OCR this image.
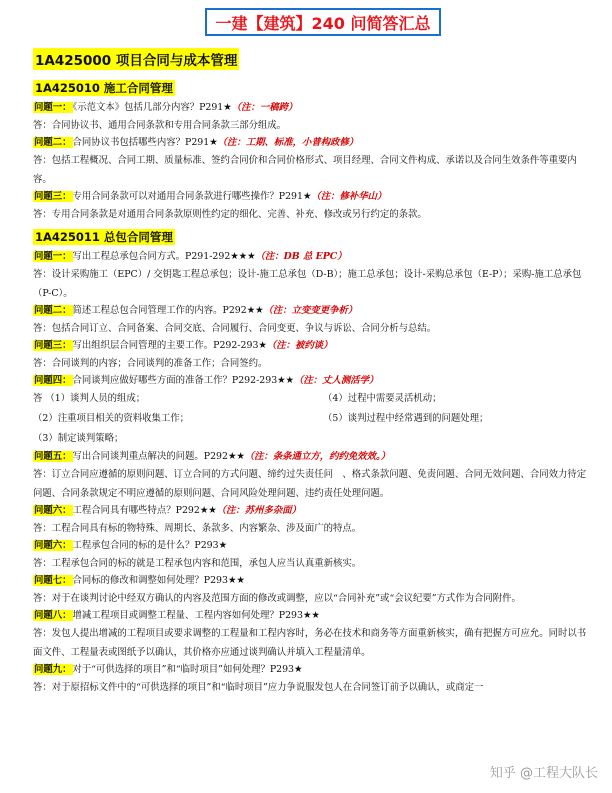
一建【建筑】240 问简答汇总
1A425000 项目合同与成本管理
1A425010 施工合同管理
问题一：《示范文本》包括几部分内容？P291★（注：一稿跨）
答：合同协议书、通用合同条款和专用合同条款三部分组成。
问题二：合同协议书包括哪些内容？P291★（注：工期、标准，小普构政修）
答：包括工程概况、合同工期、质量标准、签约合同价和合同价格形式、项目经理、合同文件构成、承诺以及合同生效条件等重要内容。
问题三：专用合同条款可以对通用合同条款进行哪些操作？P291★（注：修补华山）
答：专用合同条款是对通用合同条款原则性约定的细化、完善、补充、修改或另行约定的条款。
1A425011 总包合同管理
问题一：写出工程总承包合同方式。P291-292★★★（注：DB 总 EPC）
答：设计采购施工（EPC）/ 交钥匙工程总承包；设计-施工总承包（D-B）；施工总承包；设计-采购总承包（E-P）；采购-施工总承包（P-C）。
问题二：简述工程总包合同管理工作的内容。P292★★（注：立变变更争析）
答：包括合同订立、合同备案、合同交底、合同履行、合同变更、争议与诉讼、合同分析与总结。
问题三：写出组织层合同管理的主要工作。P292-293★（注：被约谈）
答：合同谈判的内容；合同谈判的准备工作；合同签约。
问题四：合同谈判应做好哪些方面的准备工作？P292-293★★（注：丈人测活学）
答 （1）谈判人员的组成；	（4）过程中需要灵活机动；
（2）注重项目相关的资料收集工作；	（5）谈判过程中经常遇到的问题处理；
（3）制定谈判策略；
问题五：写出合同谈判重点解决的问题。P292★★（注：条条通立方，约约免效效。）
答：订立合同应遵循的原则问题、订立合同的方式问题、缔约过失责任问　、格式条款问题、免责问题、合同无效问题、合同效力待定问题、合同条款规定不明应遵循的原则问题、合同风险处理问题、违约责任处理问题。
问题六：工程合同具有哪些特点？P292★★（注：苏州多杂面）
答：工程合同具有标的物特殊、周期长、条款多、内容繁杂、涉及面广的特点。
问题六：工程承包合同的标的是什么？P293★
答：工程承包合同的标的就是工程承包内容和范围，承包人应当认真重新核实。
问题七：合同标的修改和调整如何处理？P293★★
答：对于在谈判讨论中经双方确认的内容及范围方面的修改或调整，应以“合同补充”或“会议纪要”方式作为合同附件。
问题八：增减工程项目或调整工程量、工程内容如何处理？P293★★
答：发包人提出增减的工程项目或要求调整的工程量和工程内容时，务必在技术和商务等方面重新核实，确有把握方可应允。同时以书面文件、工程量表或图纸予以确认，其价格亦应通过谈判确认并填入工程量清单。
问题九：对于“可供选择的项目”和“临时项目”如何处理？P293★
答：对于原招标文件中的“可供选择的项目”和“临时项目”应力争说服发包人在合同签订前予以确认，或商定一
知乎 @工程大队长
